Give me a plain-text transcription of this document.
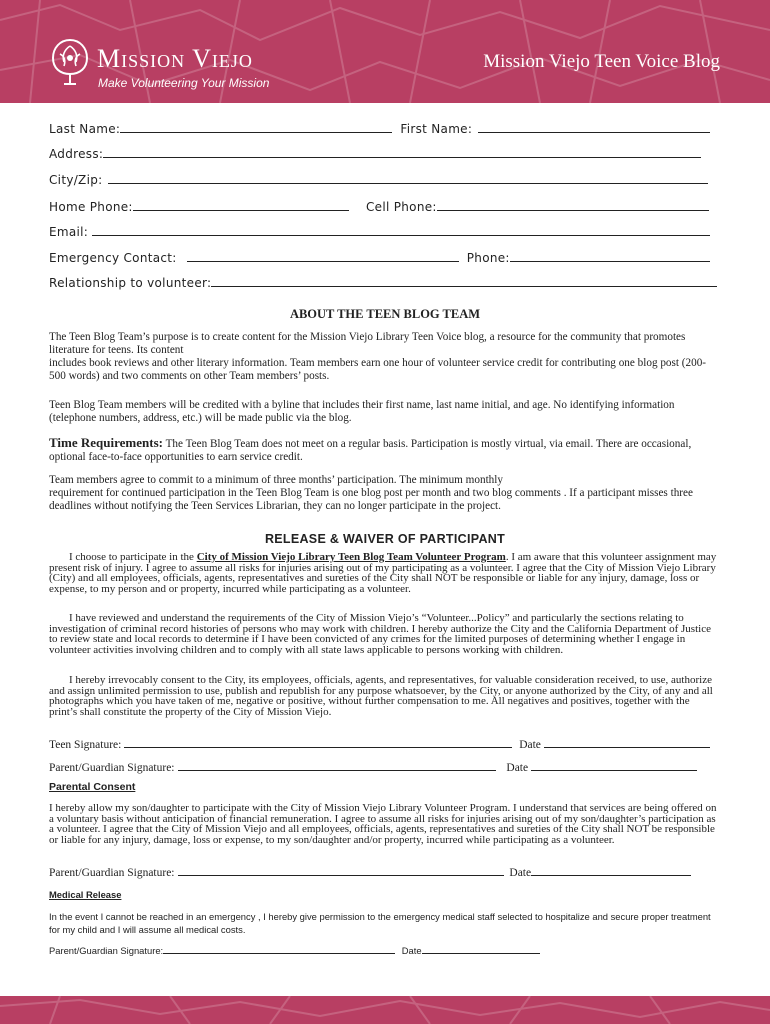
Mission Viejo
Make Volunteering Your Mission
Mission Viejo Teen Voice Blog
Last Name:	First Name:
Address:
City/Zip:
Home Phone:	Cell Phone:
Email:
Emergency Contact:	Phone:
Relationship to volunteer:
ABOUT THE TEEN BLOG TEAM
The Teen Blog Team’s purpose is to create content for the Mission Viejo Library Teen Voice blog, a resource for the community that promotes literature for teens. Its content
includes book reviews and other literary information. Team members earn one hour of volunteer service credit for contributing one blog post (200-500 words) and two comments on other Team members’ posts.
Teen Blog Team members will be credited with a byline that includes their first name, last name initial, and age. No identifying information (telephone numbers, address, etc.) will be made public via the blog.
Time Requirements: The Teen Blog Team does not meet on a regular basis. Participation is mostly virtual, via email. There are occasional, optional face-to-face opportunities to earn service credit.
Team members agree to commit to a minimum of three months’ participation. The minimum monthly
requirement for continued participation in the Teen Blog Team is one blog post per month and two blog comments . If a participant misses three deadlines without notifying the Teen Services Librarian, they can no longer participate in the project.
RELEASE & WAIVER OF PARTICIPANT
I choose to participate in the City of Mission Viejo Library Teen Blog Team Volunteer Program. I am aware that this volunteer assignment may present risk of injury. I agree to assume all risks for injuries arising out of my participating as a volunteer. I agree that the City of Mission Viejo Library (City) and all employees, officials, agents, representatives and sureties of the City shall NOT be responsible or liable for any injury, damage, loss or expense, to my person and or property, incurred while participating as a volunteer.
I have reviewed and understand the requirements of the City of Mission Viejo’s “Volunteer...Policy” and particularly the sections relating to investigation of criminal record histories of persons who may work with children. I hereby authorize the City and the California Department of Justice to review state and local records to determine if I have been convicted of any crimes for the limited purposes of determining whether I engage in volunteer activities involving children and to comply with all state laws applicable to persons working with children.
I hereby irrevocably consent to the City, its employees, officials, agents, and representatives, for valuable consideration received, to use, authorize and assign unlimited permission to use, publish and republish for any purpose whatsoever, by the City, or anyone authorized by the City, of any and all photographs which you have taken of me, negative or positive, without further compensation to me. All negatives and positives, together with the print’s shall constitute the property of the City of Mission Viejo.
Teen Signature:	Date
Parent/Guardian Signature:	Date
Parental Consent
I hereby allow my son/daughter to participate with the City of Mission Viejo Library Volunteer Program. I understand that services are being offered on a voluntary basis without anticipation of financial remuneration. I agree to assume all risks for injuries arising out of my son/daughter’s participation as a volunteer. I agree that the City of Mission Viejo and all employees, officials, agents, representatives and sureties of the City shall NOT be responsible or liable for any injury, damage, loss or expense, to my son/daughter and/or property, incurred while participating as a volunteer.
Parent/Guardian Signature:	Date
Medical Release
In the event I cannot be reached in an emergency , I hereby give permission to the emergency medical staff selected to hospitalize and secure proper treatment for my child and I will assume all medical costs.
Parent/Guardian Signature:	Date
